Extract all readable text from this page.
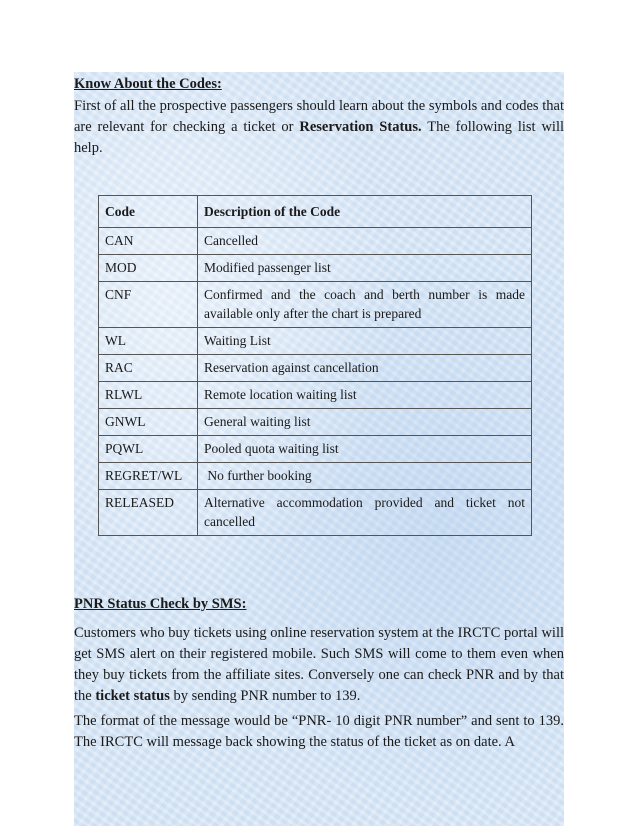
Know About the Codes:

First of all the prospective passengers should learn about the symbols and codes that are relevant for checking a ticket or Reservation Status. The following list will help.

Code	Description of the Code
CAN	Cancelled
MOD	Modified passenger list
CNF	Confirmed and the coach and berth number is made available only after the chart is prepared
WL	Waiting List
RAC	Reservation against cancellation
RLWL	Remote location waiting list
GNWL	General waiting list
PQWL	Pooled quota waiting list
REGRET/WL	No further booking
RELEASED	Alternative accommodation provided and ticket not cancelled
PNR Status Check by SMS:

Customers who buy tickets using online reservation system at the IRCTC portal will get SMS alert on their registered mobile. Such SMS will come to them even when they buy tickets from the affiliate sites. Conversely one can check PNR and by that the ticket status by sending PNR number to 139.

The format of the message would be “PNR- 10 digit PNR number” and sent to 139. The IRCTC will message back showing the status of the ticket as on date. A
